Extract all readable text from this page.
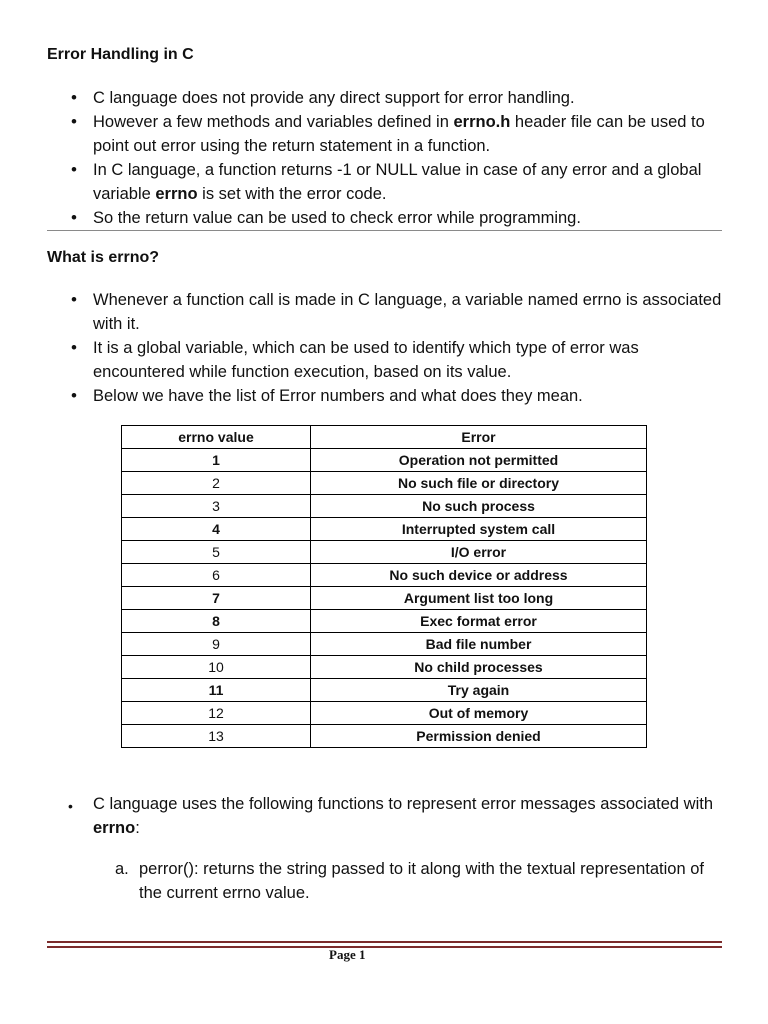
Error Handling in C
• C language does not provide any direct support for error handling.
• However a few methods and variables defined in errno.h header file can be used to point out error using the return statement in a function.
• In C language, a function returns -1 or NULL value in case of any error and a global variable errno is set with the error code.
• So the return value can be used to check error while programming.
What is errno?
• Whenever a function call is made in C language, a variable named errno is associated with it.
• It is a global variable, which can be used to identify which type of error was encountered while function execution, based on its value.
• Below we have the list of Error numbers and what does they mean.
errno value	Error
1	Operation not permitted
2	No such file or directory
3	No such process
4	Interrupted system call
5	I/O error
6	No such device or address
7	Argument list too long
8	Exec format error
9	Bad file number
10	No child processes
11	Try again
12	Out of memory
13	Permission denied
• C language uses the following functions to represent error messages associated with errno:
a. perror(): returns the string passed to it along with the textual representation of the current errno value.
Page 1
